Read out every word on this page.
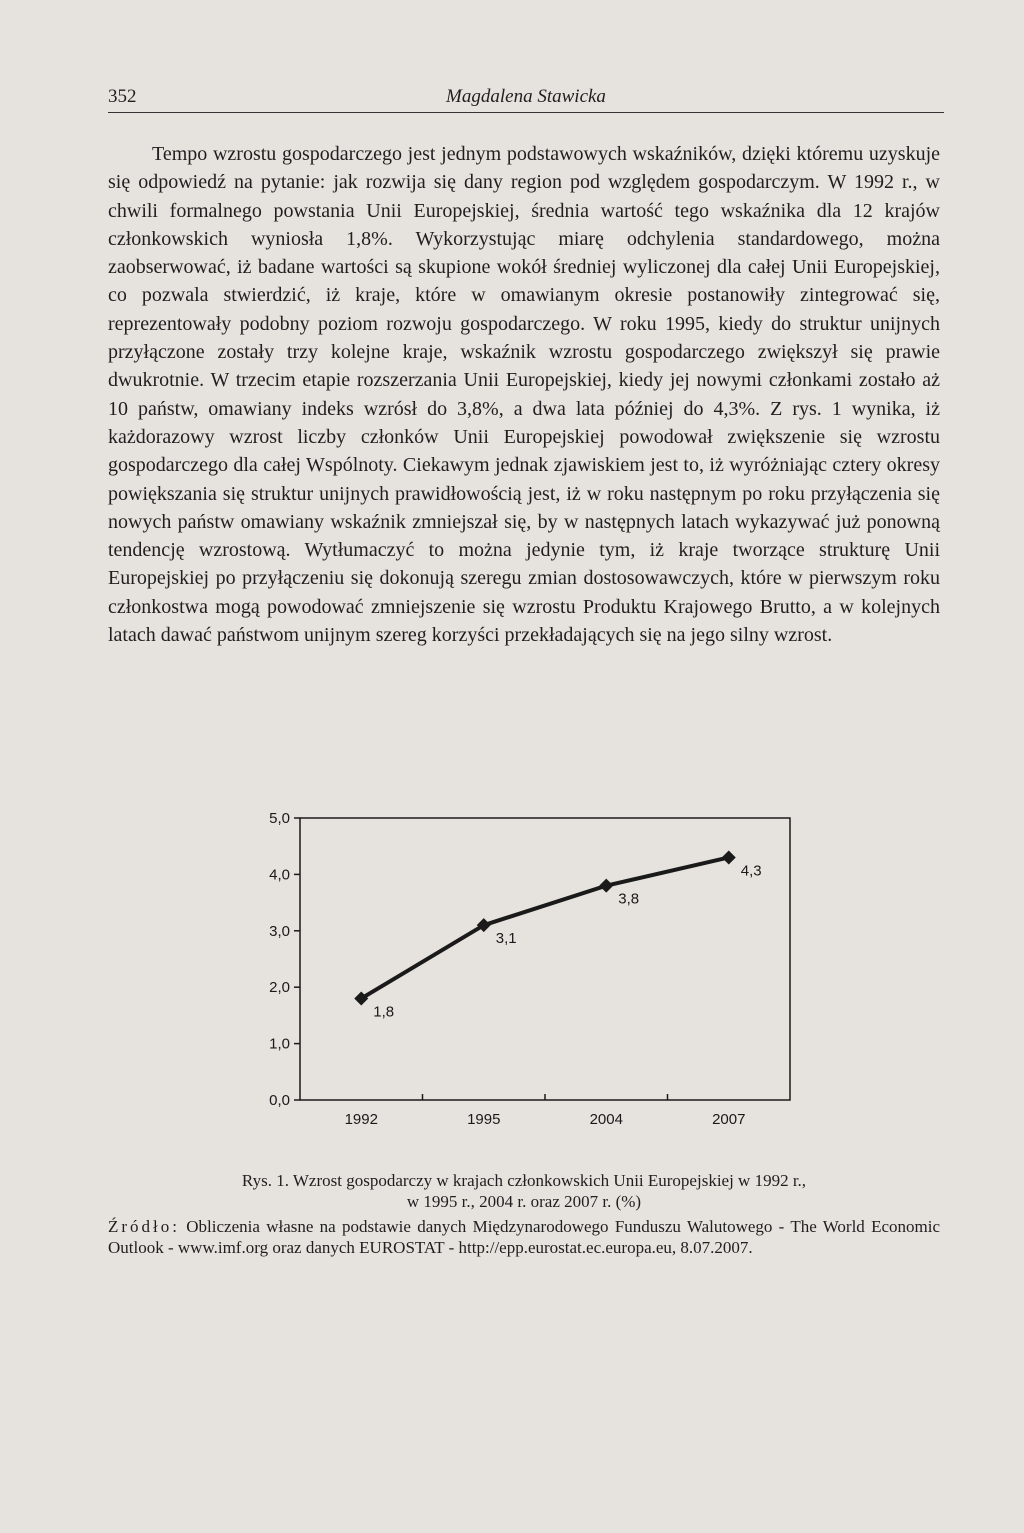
352	Magdalena Stawicka

Tempo wzrostu gospodarczego jest jednym podstawowych wskaźników, dzięki któremu uzyskuje się odpowiedź na pytanie: jak rozwija się dany region pod względem gospodarczym. W 1992 r., w chwili formalnego powstania Unii Europejskiej, średnia wartość tego wskaźnika dla 12 krajów członkowskich wyniosła 1,8%. Wykorzystując miarę odchylenia standardowego, można zaobserwować, iż badane wartości są skupione wokół średniej wyliczonej dla całej Unii Europejskiej, co pozwala stwierdzić, iż kraje, które w omawianym okresie postanowiły zintegrować się, reprezentowały podobny poziom rozwoju gospodarczego. W roku 1995, kiedy do struktur unijnych przyłączone zostały trzy kolejne kraje, wskaźnik wzrostu gospodarczego zwiększył się prawie dwukrotnie. W trzecim etapie rozszerzania Unii Europejskiej, kiedy jej nowymi członkami zostało aż 10 państw, omawiany indeks wzrósł do 3,8%, a dwa lata później do 4,3%. Z rys. 1 wynika, iż każdorazowy wzrost liczby członków Unii Europejskiej powodował zwiększenie się wzrostu gospodarczego dla całej Wspólnoty. Ciekawym jednak zjawiskiem jest to, iż wyróżniając cztery okresy powiększania się struktur unijnych prawidłowością jest, iż w roku następnym po roku przyłączenia się nowych państw omawiany wskaźnik zmniejszał się, by w następnych latach wykazywać już ponowną tendencję wzrostową. Wytłumaczyć to można jedynie tym, iż kraje tworzące strukturę Unii Europejskiej po przyłączeniu się dokonują szeregu zmian dostosowawczych, które w pierwszym roku członkostwa mogą powodować zmniejszenie się wzrostu Produktu Krajowego Brutto, a w kolejnych latach dawać państwom unijnym szereg korzyści przekładających się na jego silny wzrost.

0,0
1,0
2,0
3,0
4,0
5,0
1992	1995	2004	2007
1,8
3,1
3,8
4,3
Rys. 1. Wzrost gospodarczy w krajach członkowskich Unii Europejskiej w 1992 r.,
w 1995 r., 2004 r. oraz 2007 r. (%)
Źródło: Obliczenia własne na podstawie danych Międzynarodowego Funduszu Walutowego - The World Economic Outlook - www.imf.org oraz danych EUROSTAT - http://epp.eurostat.ec.europa.eu, 8.07.2007.
